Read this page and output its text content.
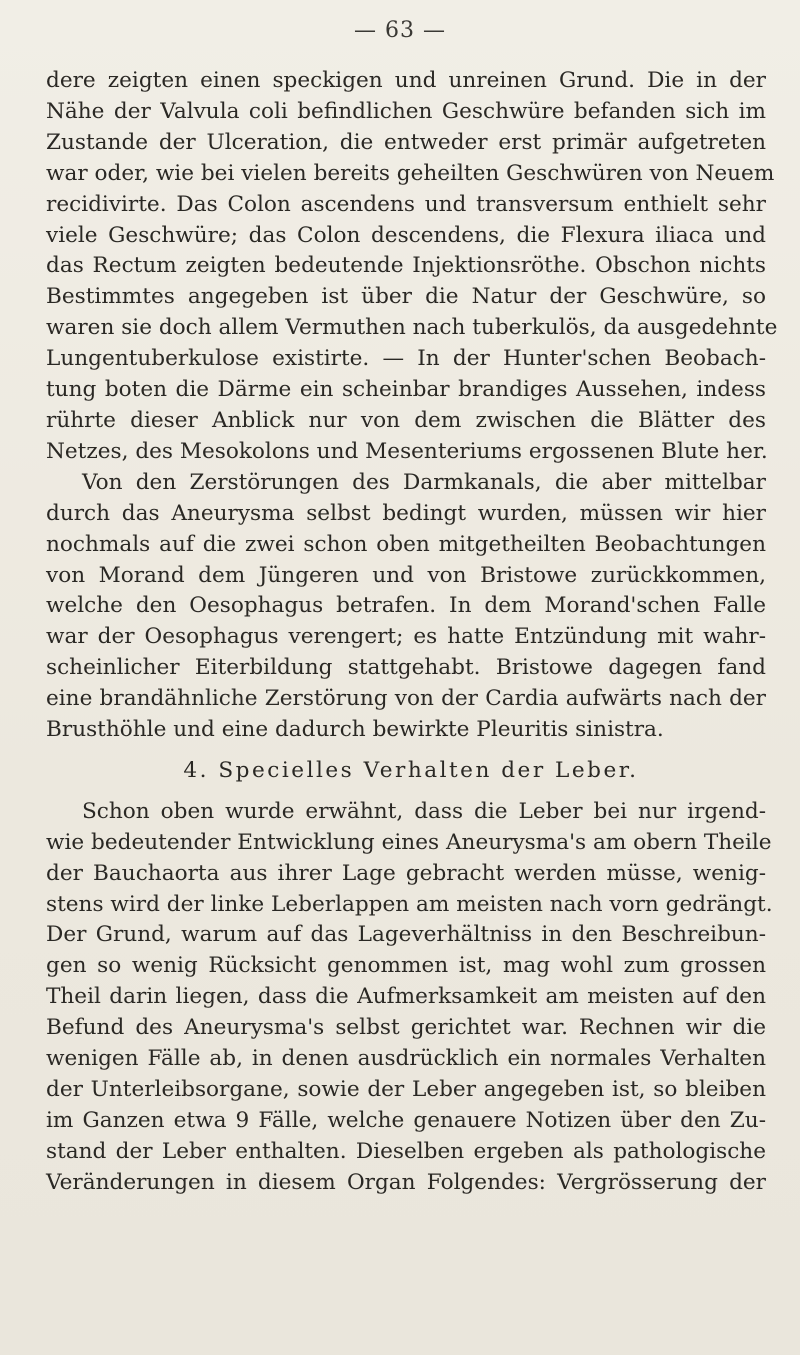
— 63 —
dere zeigten einen speckigen und unreinen Grund. Die in der
Nähe der Valvula coli befindlichen Geschwüre befanden sich im
Zustande der Ulceration, die entweder erst primär aufgetreten
war oder, wie bei vielen bereits geheilten Geschwüren von Neuem
recidivirte. Das Colon ascendens und transversum enthielt sehr
viele Geschwüre; das Colon descendens, die Flexura iliaca und
das Rectum zeigten bedeutende Injektionsröthe. Obschon nichts
Bestimmtes angegeben ist über die Natur der Geschwüre, so
waren sie doch allem Vermuthen nach tuberkulös, da ausgedehnte
Lungentuberkulose existirte. — In der Hunter'schen Beobach-
tung boten die Därme ein scheinbar brandiges Aussehen, indess
rührte dieser Anblick nur von dem zwischen die Blätter des
Netzes, des Mesokolons und Mesenteriums ergossenen Blute her.
Von den Zerstörungen des Darmkanals, die aber mittelbar
durch das Aneurysma selbst bedingt wurden, müssen wir hier
nochmals auf die zwei schon oben mitgetheilten Beobachtungen
von Morand dem Jüngeren und von Bristowe zurückkommen,
welche den Oesophagus betrafen. In dem Morand'schen Falle
war der Oesophagus verengert; es hatte Entzündung mit wahr-
scheinlicher Eiterbildung stattgehabt. Bristowe dagegen fand
eine brandähnliche Zerstörung von der Cardia aufwärts nach der
Brusthöhle und eine dadurch bewirkte Pleuritis sinistra.
4. Specielles Verhalten der Leber.
Schon oben wurde erwähnt, dass die Leber bei nur irgend-
wie bedeutender Entwicklung eines Aneurysma's am obern Theile
der Bauchaorta aus ihrer Lage gebracht werden müsse, wenig-
stens wird der linke Leberlappen am meisten nach vorn gedrängt.
Der Grund, warum auf das Lageverhältniss in den Beschreibun-
gen so wenig Rücksicht genommen ist, mag wohl zum grossen
Theil darin liegen, dass die Aufmerksamkeit am meisten auf den
Befund des Aneurysma's selbst gerichtet war. Rechnen wir die
wenigen Fälle ab, in denen ausdrücklich ein normales Verhalten
der Unterleibsorgane, sowie der Leber angegeben ist, so bleiben
im Ganzen etwa 9 Fälle, welche genauere Notizen über den Zu-
stand der Leber enthalten. Dieselben ergeben als pathologische
Veränderungen in diesem Organ Folgendes: Vergrösserung der
